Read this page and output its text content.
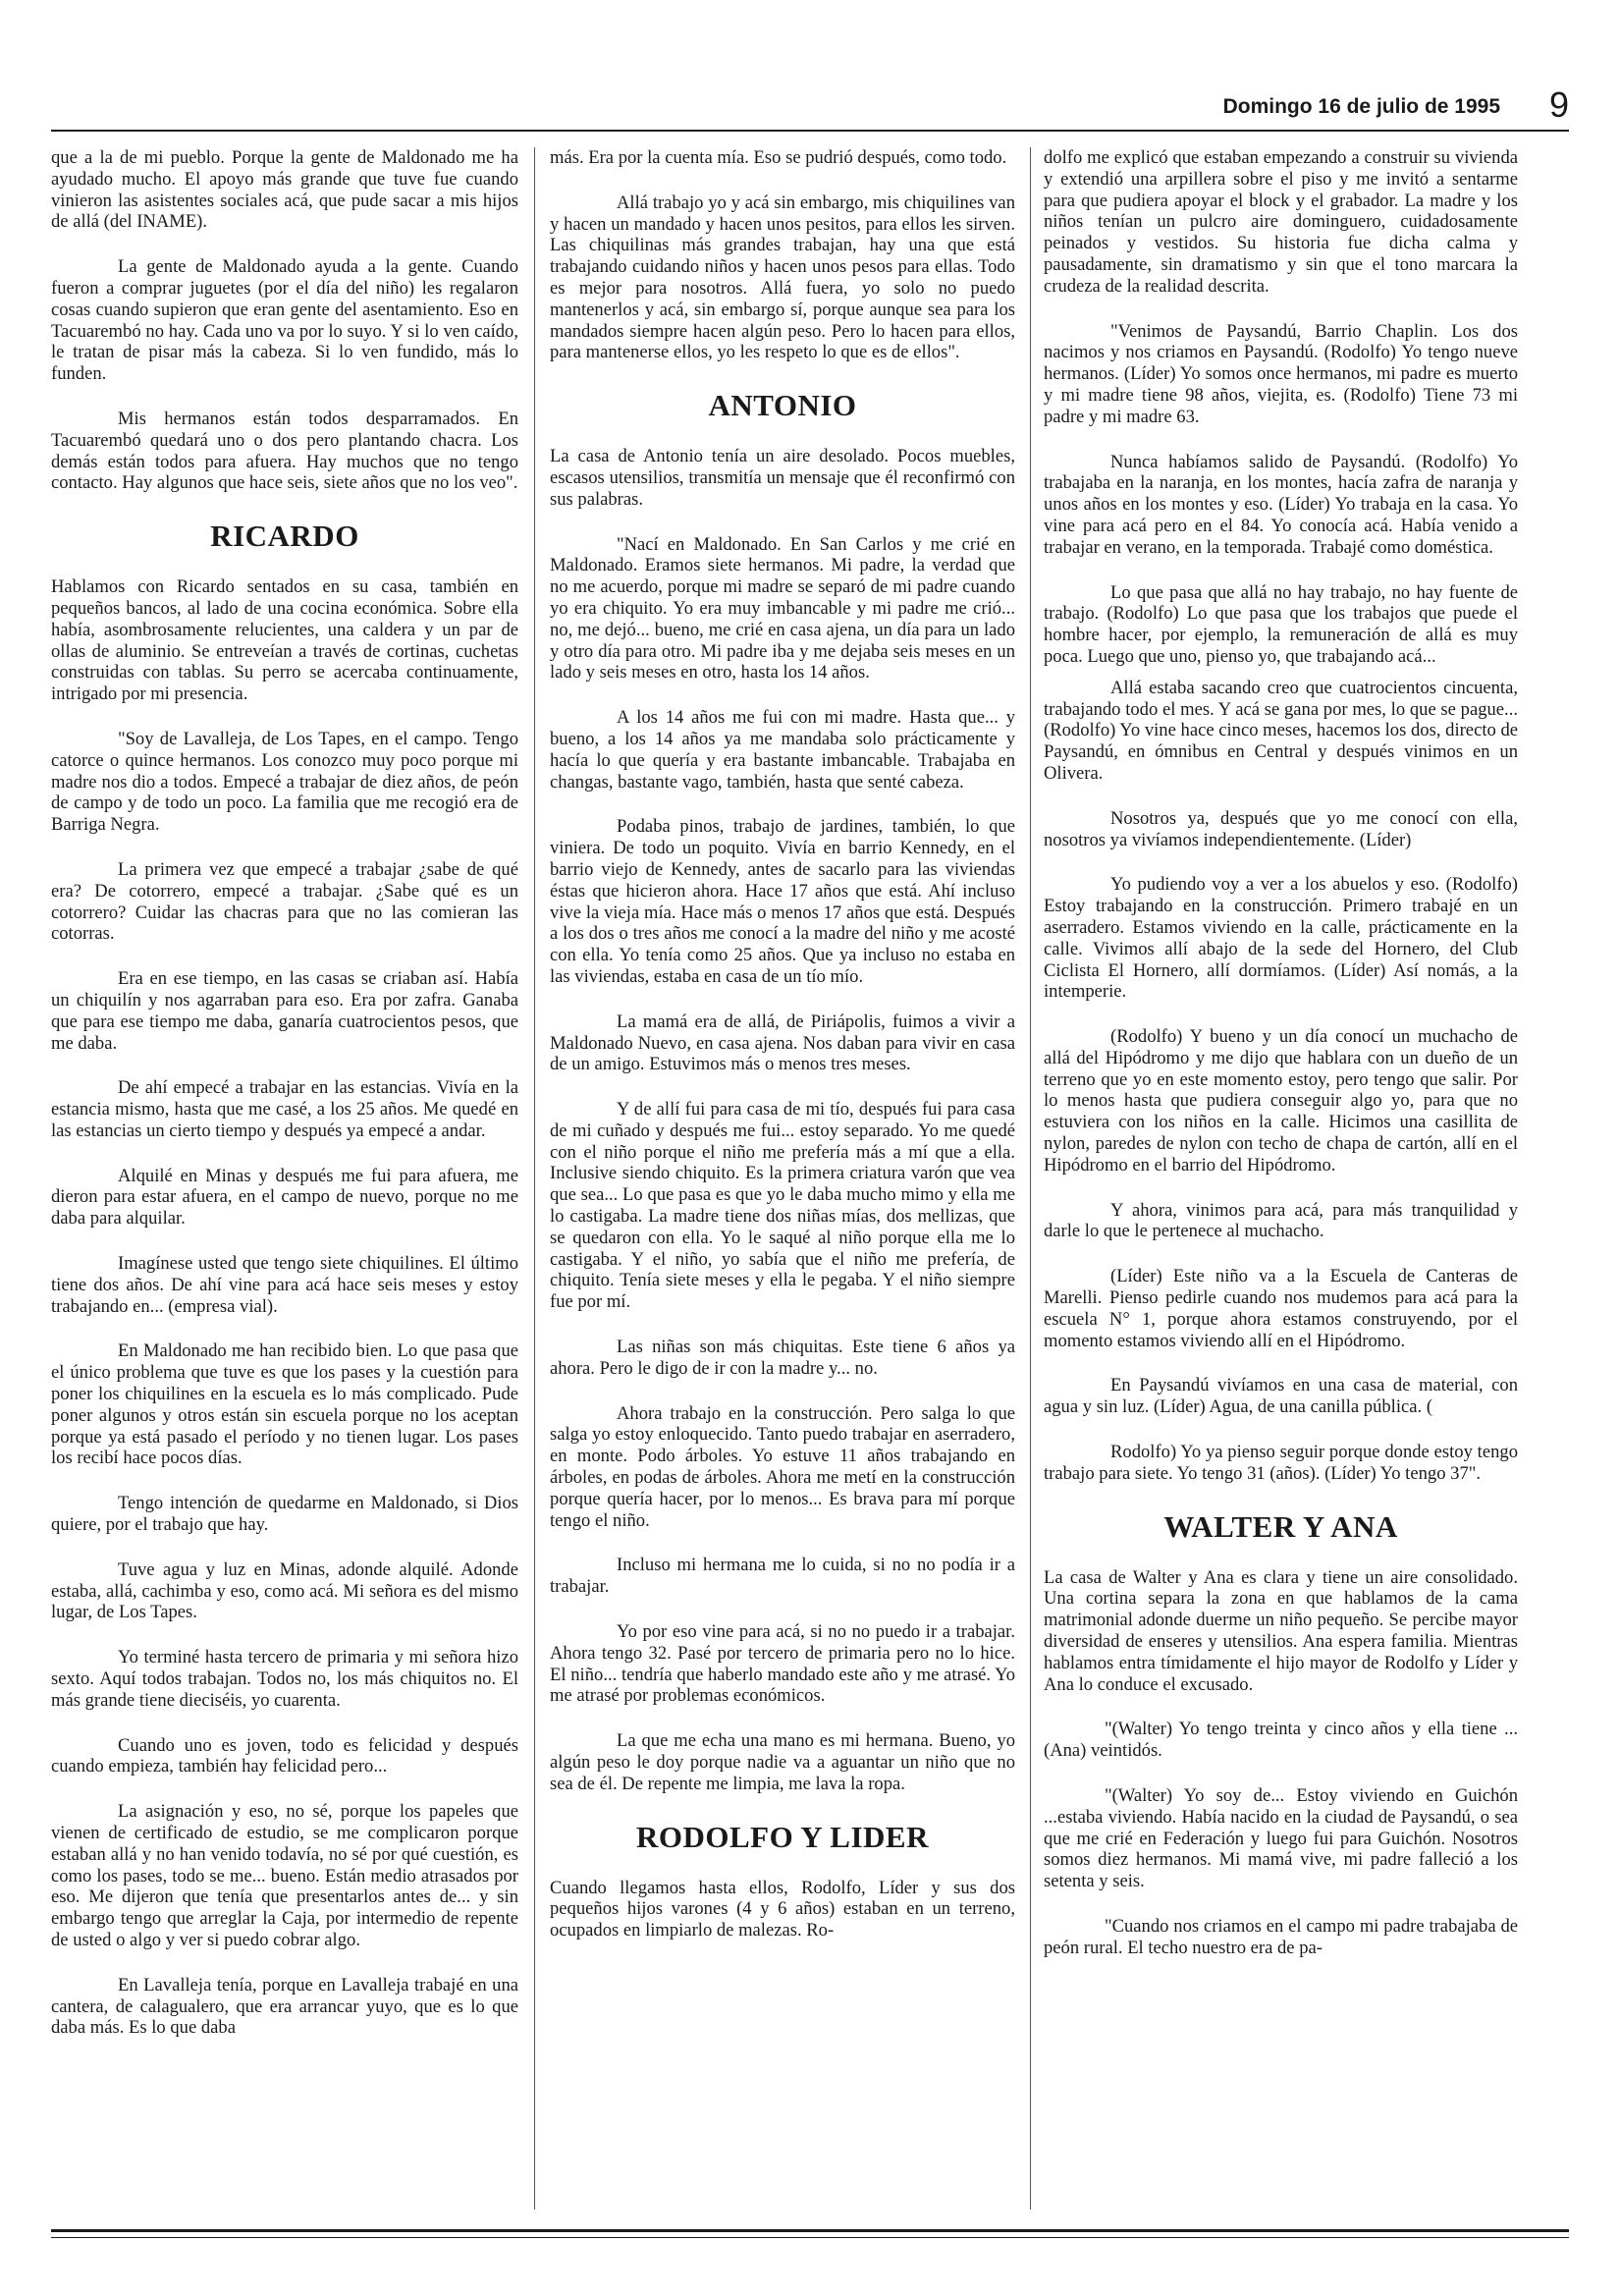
Domingo 16 de julio de 1995 9

que a la de mi pueblo. Porque la gente de Maldonado me ha ayudado mucho. El apoyo más grande que tuve fue cuando vinieron las asistentes sociales acá, que pude sacar a mis hijos de allá (del INAME).

La gente de Maldonado ayuda a la gente. Cuando fueron a comprar juguetes (por el día del niño) les regalaron cosas cuando supieron que eran gente del asentamiento. Eso en Tacuarembó no hay. Cada uno va por lo suyo. Y si lo ven caído, le tratan de pisar más la cabeza. Si lo ven fundido, más lo funden.

Mis hermanos están todos desparramados. En Tacuarembó quedará uno o dos pero plantando chacra. Los demás están todos para afuera. Hay muchos que no tengo contacto. Hay algunos que hace seis, siete años que no los veo".

RICARDO

Hablamos con Ricardo sentados en su casa, también en pequeños bancos, al lado de una cocina económica. Sobre ella había, asombrosamente relucientes, una caldera y un par de ollas de aluminio. Se entreveían a través de cortinas, cuchetas construidas con tablas. Su perro se acercaba continuamente, intrigado por mi presencia.

"Soy de Lavalleja, de Los Tapes, en el campo. Tengo catorce o quince hermanos. Los conozco muy poco porque mi madre nos dio a todos. Empecé a trabajar de diez años, de peón de campo y de todo un poco. La familia que me recogió era de Barriga Negra.

La primera vez que empecé a trabajar ¿sabe de qué era? De cotorrero, empecé a trabajar. ¿Sabe qué es un cotorrero? Cuidar las chacras para que no las comieran las cotorras.

Era en ese tiempo, en las casas se criaban así. Había un chiquilín y nos agarraban para eso. Era por zafra. Ganaba que para ese tiempo me daba, ganaría cuatrocientos pesos, que me daba.

De ahí empecé a trabajar en las estancias. Vivía en la estancia mismo, hasta que me casé, a los 25 años. Me quedé en las estancias un cierto tiempo y después ya empecé a andar.

Alquilé en Minas y después me fui para afuera, me dieron para estar afuera, en el campo de nuevo, porque no me daba para alquilar.

Imagínese usted que tengo siete chiquilines. El último tiene dos años. De ahí vine para acá hace seis meses y estoy trabajando en... (empresa vial).

En Maldonado me han recibido bien. Lo que pasa que el único problema que tuve es que los pases y la cuestión para poner los chiquilines en la escuela es lo más complicado. Pude poner algunos y otros están sin escuela porque no los aceptan porque ya está pasado el período y no tienen lugar. Los pases los recibí hace pocos días.

Tengo intención de quedarme en Maldonado, si Dios quiere, por el trabajo que hay.

Tuve agua y luz en Minas, adonde alquilé. Adonde estaba, allá, cachimba y eso, como acá. Mi señora es del mismo lugar, de Los Tapes.

Yo terminé hasta tercero de primaria y mi señora hizo sexto. Aquí todos trabajan. Todos no, los más chiquitos no. El más grande tiene dieciséis, yo cuarenta.

Cuando uno es joven, todo es felicidad y después cuando empieza, también hay felicidad pero...

La asignación y eso, no sé, porque los papeles que vienen de certificado de estudio, se me complicaron porque estaban allá y no han venido todavía, no sé por qué cuestión, es como los pases, todo se me... bueno. Están medio atrasados por eso. Me dijeron que tenía que presentarlos antes de... y sin embargo tengo que arreglar la Caja, por intermedio de repente de usted o algo y ver si puedo cobrar algo.

En Lavalleja tenía, porque en Lavalleja trabajé en una cantera, de calagualero, que era arrancar yuyo, que es lo que daba más. Es lo que daba

más. Era por la cuenta mía. Eso se pudrió después, como todo.

Allá trabajo yo y acá sin embargo, mis chiquilines van y hacen un mandado y hacen unos pesitos, para ellos les sirven. Las chiquilinas más grandes trabajan, hay una que está trabajando cuidando niños y hacen unos pesos para ellas. Todo es mejor para nosotros. Allá fuera, yo solo no puedo mantenerlos y acá, sin embargo sí, porque aunque sea para los mandados siempre hacen algún peso. Pero lo hacen para ellos, para mantenerse ellos, yo les respeto lo que es de ellos".

ANTONIO

La casa de Antonio tenía un aire desolado. Pocos muebles, escasos utensilios, transmitía un mensaje que él reconfirmó con sus palabras.

"Nací en Maldonado. En San Carlos y me crié en Maldonado. Eramos siete hermanos. Mi padre, la verdad que no me acuerdo, porque mi madre se separó de mi padre cuando yo era chiquito. Yo era muy imbancable y mi padre me crió... no, me dejó... bueno, me crié en casa ajena, un día para un lado y otro día para otro. Mi padre iba y me dejaba seis meses en un lado y seis meses en otro, hasta los 14 años.

A los 14 años me fui con mi madre. Hasta que... y bueno, a los 14 años ya me mandaba solo prácticamente y hacía lo que quería y era bastante imbancable. Trabajaba en changas, bastante vago, también, hasta que senté cabeza.

Podaba pinos, trabajo de jardines, también, lo que viniera. De todo un poquito. Vivía en barrio Kennedy, en el barrio viejo de Kennedy, antes de sacarlo para las viviendas éstas que hicieron ahora. Hace 17 años que está. Ahí incluso vive la vieja mía. Hace más o menos 17 años que está. Después a los dos o tres años me conocí a la madre del niño y me acosté con ella. Yo tenía como 25 años. Que ya incluso no estaba en las viviendas, estaba en casa de un tío mío.

La mamá era de allá, de Piriápolis, fuimos a vivir a Maldonado Nuevo, en casa ajena. Nos daban para vivir en casa de un amigo. Estuvimos más o menos tres meses.

Y de allí fui para casa de mi tío, después fui para casa de mi cuñado y después me fui... estoy separado. Yo me quedé con el niño porque el niño me prefería más a mí que a ella. Inclusive siendo chiquito. Es la primera criatura varón que vea que sea... Lo que pasa es que yo le daba mucho mimo y ella me lo castigaba. La madre tiene dos niñas mías, dos mellizas, que se quedaron con ella. Yo le saqué al niño porque ella me lo castigaba. Y el niño, yo sabía que el niño me prefería, de chiquito. Tenía siete meses y ella le pegaba. Y el niño siempre fue por mí.

Las niñas son más chiquitas. Este tiene 6 años ya ahora. Pero le digo de ir con la madre y... no.

Ahora trabajo en la construcción. Pero salga lo que salga yo estoy enloquecido. Tanto puedo trabajar en aserradero, en monte. Podo árboles. Yo estuve 11 años trabajando en árboles, en podas de árboles. Ahora me metí en la construcción porque quería hacer, por lo menos... Es brava para mí porque tengo el niño.

Incluso mi hermana me lo cuida, si no no podía ir a trabajar.

Yo por eso vine para acá, si no no puedo ir a trabajar. Ahora tengo 32. Pasé por tercero de primaria pero no lo hice. El niño... tendría que haberlo mandado este año y me atrasé. Yo me atrasé por problemas económicos.

La que me echa una mano es mi hermana. Bueno, yo algún peso le doy porque nadie va a aguantar un niño que no sea de él. De repente me limpia, me lava la ropa.

RODOLFO Y LIDER

Cuando llegamos hasta ellos, Rodolfo, Líder y sus dos pequeños hijos varones (4 y 6 años) estaban en un terreno, ocupados en limpiarlo de malezas. Ro-

dolfo me explicó que estaban empezando a construir su vivienda y extendió una arpillera sobre el piso y me invitó a sentarme para que pudiera apoyar el block y el grabador. La madre y los niños tenían un pulcro aire dominguero, cuidadosamente peinados y vestidos. Su historia fue dicha calma y pausadamente, sin dramatismo y sin que el tono marcara la crudeza de la realidad descrita.

"Venimos de Paysandú, Barrio Chaplin. Los dos nacimos y nos criamos en Paysandú. (Rodolfo) Yo tengo nueve hermanos. (Líder) Yo somos once hermanos, mi padre es muerto y mi madre tiene 98 años, viejita, es. (Rodolfo) Tiene 73 mi padre y mi madre 63.

Nunca habíamos salido de Paysandú. (Rodolfo) Yo trabajaba en la naranja, en los montes, hacía zafra de naranja y unos años en los montes y eso. (Líder) Yo trabaja en la casa. Yo vine para acá pero en el 84. Yo conocía acá. Había venido a trabajar en verano, en la temporada. Trabajé como doméstica.

Lo que pasa que allá no hay trabajo, no hay fuente de trabajo. (Rodolfo) Lo que pasa que los trabajos que puede el hombre hacer, por ejemplo, la remuneración de allá es muy poca. Luego que uno, pienso yo, que trabajando acá...

Allá estaba sacando creo que cuatrocientos cincuenta, trabajando todo el mes. Y acá se gana por mes, lo que se pague... (Rodolfo) Yo vine hace cinco meses, hacemos los dos, directo de Paysandú, en ómnibus en Central y después vinimos en un Olivera.

Nosotros ya, después que yo me conocí con ella, nosotros ya vivíamos independientemente. (Líder)

Yo pudiendo voy a ver a los abuelos y eso. (Rodolfo) Estoy trabajando en la construcción. Primero trabajé en un aserradero. Estamos viviendo en la calle, prácticamente en la calle. Vivimos allí abajo de la sede del Hornero, del Club Ciclista El Hornero, allí dormíamos. (Líder) Así nomás, a la intemperie.

(Rodolfo) Y bueno y un día conocí un muchacho de allá del Hipódromo y me dijo que hablara con un dueño de un terreno que yo en este momento estoy, pero tengo que salir. Por lo menos hasta que pudiera conseguir algo yo, para que no estuviera con los niños en la calle. Hicimos una casillita de nylon, paredes de nylon con techo de chapa de cartón, allí en el Hipódromo en el barrio del Hipódromo.

Y ahora, vinimos para acá, para más tranquilidad y darle lo que le pertenece al muchacho.

(Líder) Este niño va a la Escuela de Canteras de Marelli. Pienso pedirle cuando nos mudemos para acá para la escuela N° 1, porque ahora estamos construyendo, por el momento estamos viviendo allí en el Hipódromo.

En Paysandú vivíamos en una casa de material, con agua y sin luz. (Líder) Agua, de una canilla pública. (

Rodolfo) Yo ya pienso seguir porque donde estoy tengo trabajo para siete. Yo tengo 31 (años). (Líder) Yo tengo 37".

WALTER Y ANA

La casa de Walter y Ana es clara y tiene un aire consolidado. Una cortina separa la zona en que hablamos de la cama matrimonial adonde duerme un niño pequeño. Se percibe mayor diversidad de enseres y utensilios. Ana espera familia. Mientras hablamos entra tímidamente el hijo mayor de Rodolfo y Líder y Ana lo conduce el excusado.

"(Walter) Yo tengo treinta y cinco años y ella tiene ... (Ana) veintidós.

"(Walter) Yo soy de... Estoy viviendo en Guichón ...estaba viviendo. Había nacido en la ciudad de Paysandú, o sea que me crié en Federación y luego fui para Guichón. Nosotros somos diez hermanos. Mi mamá vive, mi padre falleció a los setenta y seis.

"Cuando nos criamos en el campo mi padre trabajaba de peón rural. El techo nuestro era de pa-
